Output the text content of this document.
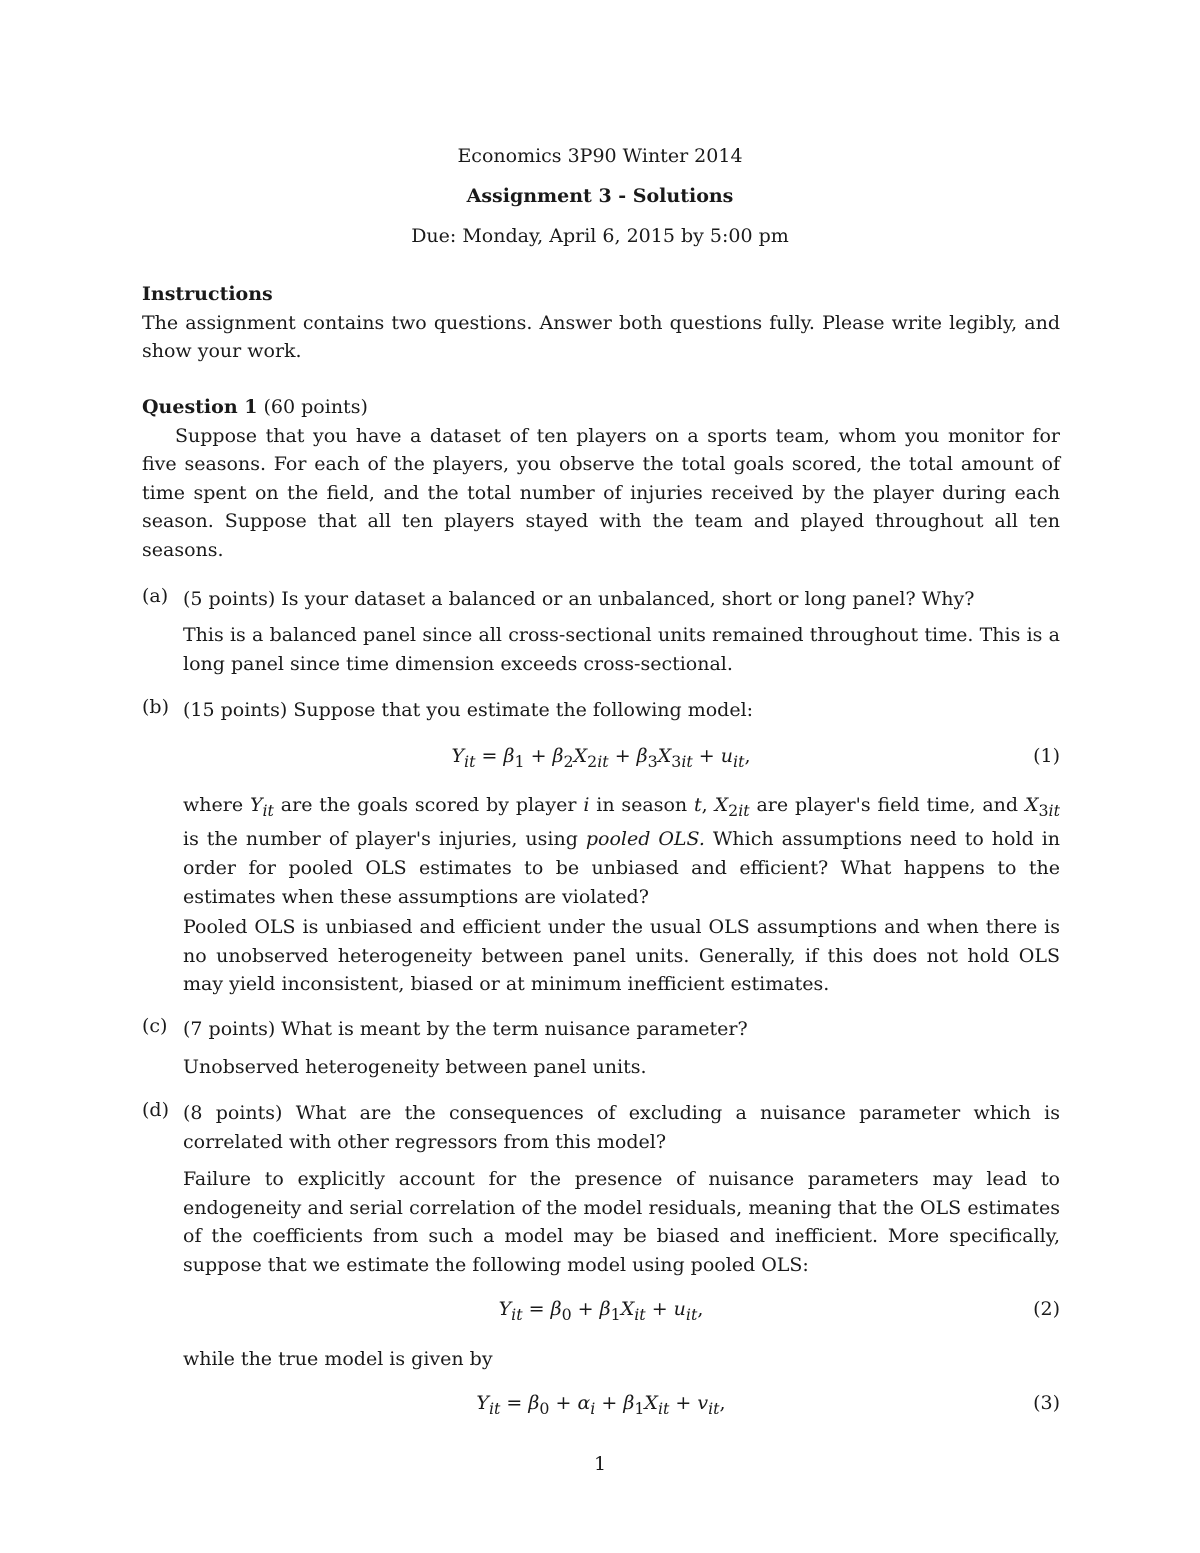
Economics 3P90 Winter 2014
Assignment 3 - Solutions
Due: Monday, April 6, 2015 by 5:00 pm
Instructions
The assignment contains two questions. Answer both questions fully. Please write legibly, and show your work.
Question 1 (60 points)
Suppose that you have a dataset of ten players on a sports team, whom you monitor for five seasons. For each of the players, you observe the total goals scored, the total amount of time spent on the field, and the total number of injuries received by the player during each season. Suppose that all ten players stayed with the team and played throughout all ten seasons.
(a) (5 points) Is your dataset a balanced or an unbalanced, short or long panel? Why?
This is a balanced panel since all cross-sectional units remained throughout time. This is a long panel since time dimension exceeds cross-sectional.
(b) (15 points) Suppose that you estimate the following model:
$Y_{it} = \beta_1 + \beta_2X_{2it} + \beta_3X_{3it} + u_{it}$,	(1)
where $Y_{it}$ are the goals scored by player i in season t, $X_{2it}$ are player's field time, and $X_{3it}$ is the number of player's injuries, using pooled OLS. Which assumptions need to hold in order for pooled OLS estimates to be unbiased and efficient? What happens to the estimates when these assumptions are violated?
Pooled OLS is unbiased and efficient under the usual OLS assumptions and when there is no unobserved heterogeneity between panel units. Generally, if this does not hold OLS may yield inconsistent, biased or at minimum inefficient estimates.
(c) (7 points) What is meant by the term nuisance parameter?
Unobserved heterogeneity between panel units.
(d) (8 points) What are the consequences of excluding a nuisance parameter which is correlated with other regressors from this model?
Failure to explicitly account for the presence of nuisance parameters may lead to endogeneity and serial correlation of the model residuals, meaning that the OLS estimates of the coefficients from such a model may be biased and inefficient. More specifically, suppose that we estimate the following model using pooled OLS:
$Y_{it} = \beta_0 + \beta_1X_{it} + u_{it}$,	(2)
while the true model is given by
$Y_{it} = \beta_0 + \alpha_i + \beta_1X_{it} + v_{it}$,	(3)
1
